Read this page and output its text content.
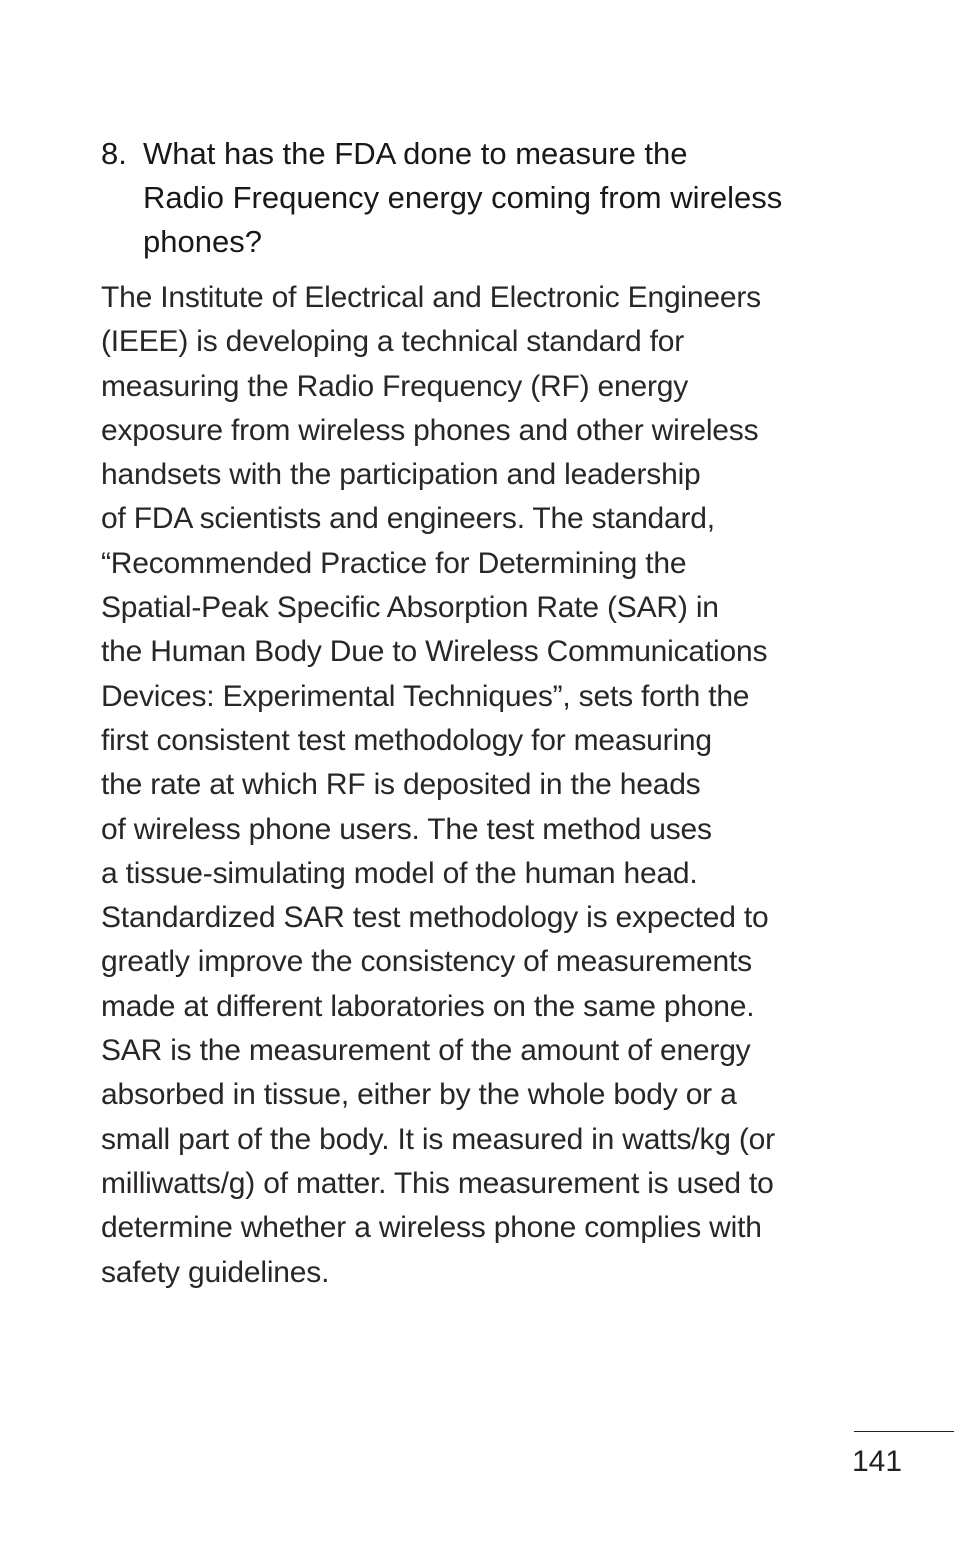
8. What has the FDA done to measure the
Radio Frequency energy coming from wireless
phones?

The Institute of Electrical and Electronic Engineers
(IEEE) is developing a technical standard for
measuring the Radio Frequency (RF) energy
exposure from wireless phones and other wireless
handsets with the participation and leadership
of FDA scientists and engineers. The standard,
“Recommended Practice for Determining the
Spatial-Peak Specific Absorption Rate (SAR) in
the Human Body Due to Wireless Communications
Devices: Experimental Techniques”, sets forth the
first consistent test methodology for measuring
the rate at which RF is deposited in the heads
of wireless phone users. The test method uses
a tissue-simulating model of the human head.
Standardized SAR test methodology is expected to
greatly improve the consistency of measurements
made at different laboratories on the same phone.
SAR is the measurement of the amount of energy
absorbed in tissue, either by the whole body or a
small part of the body. It is measured in watts/kg (or
milliwatts/g) of matter. This measurement is used to
determine whether a wireless phone complies with
safety guidelines.

141
